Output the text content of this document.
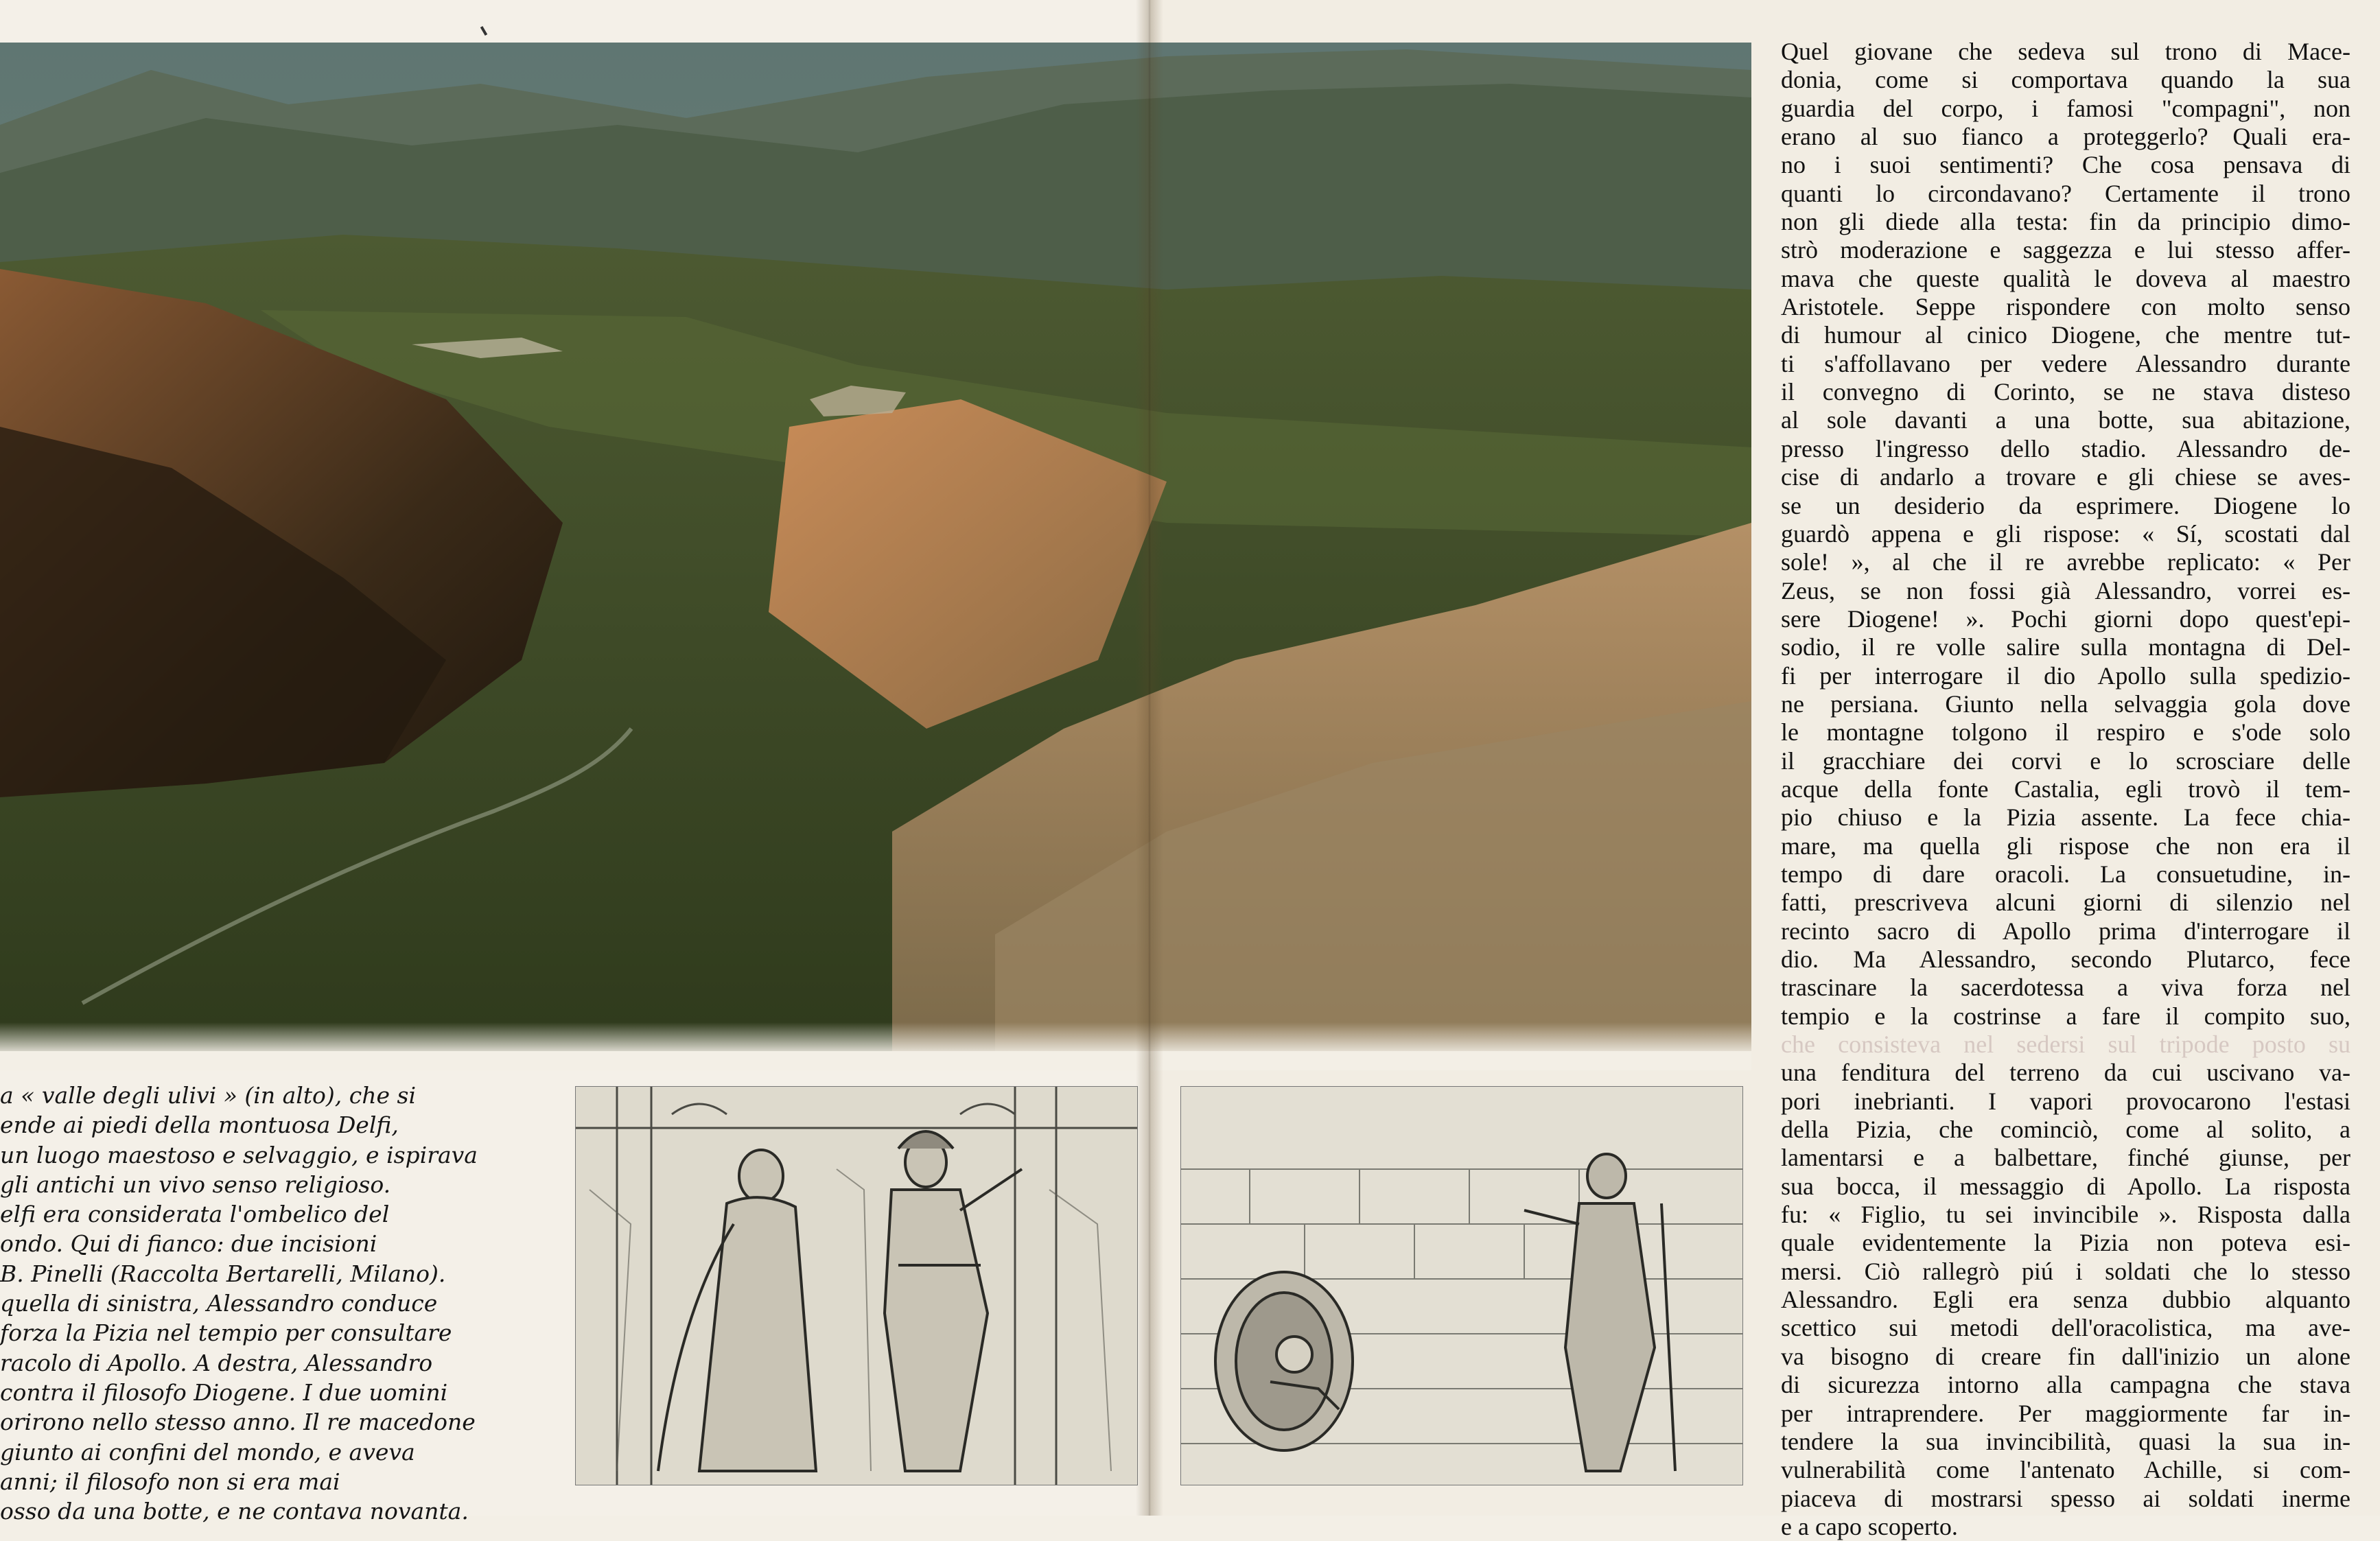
a « valle degli ulivi » (in alto), che si
ende ai piedi della montuosa Delfi,
un luogo maestoso e selvaggio, e ispirava
gli antichi un vivo senso religioso.
elfi era considerata l'ombelico del
ondo. Qui di fianco: due incisioni
B. Pinelli (Raccolta Bertarelli, Milano).
quella di sinistra, Alessandro conduce
forza la Pizia nel tempio per consultare
racolo di Apollo. A destra, Alessandro
contra il filosofo Diogene. I due uomini
orirono nello stesso anno. Il re macedone
giunto ai confini del mondo, e aveva
anni; il filosofo non si era mai
osso da una botte, e ne contava novanta.
Quel giovane che sedeva sul trono di Mace-
donia, come si comportava quando la sua
guardia del corpo, i famosi "compagni", non
erano al suo fianco a proteggerlo? Quali era-
no i suoi sentimenti? Che cosa pensava di
quanti lo circondavano? Certamente il trono
non gli diede alla testa: fin da principio dimo-
strò moderazione e saggezza e lui stesso affer-
mava che queste qualità le doveva al maestro
Aristotele. Seppe rispondere con molto senso
di humour al cinico Diogene, che mentre tut-
ti s'affollavano per vedere Alessandro durante
il convegno di Corinto, se ne stava disteso
al sole davanti a una botte, sua abitazione,
presso l'ingresso dello stadio. Alessandro de-
cise di andarlo a trovare e gli chiese se aves-
se un desiderio da esprimere. Diogene lo
guardò appena e gli rispose: « Sí, scostati dal
sole! », al che il re avrebbe replicato: « Per
Zeus, se non fossi già Alessandro, vorrei es-
sere Diogene! ». Pochi giorni dopo quest'epi-
sodio, il re volle salire sulla montagna di Del-
fi per interrogare il dio Apollo sulla spedizio-
ne persiana. Giunto nella selvaggia gola dove
le montagne tolgono il respiro e s'ode solo
il gracchiare dei corvi e lo scrosciare delle
acque della fonte Castalia, egli trovò il tem-
pio chiuso e la Pizia assente. La fece chia-
mare, ma quella gli rispose che non era il
tempo di dare oracoli. La consuetudine, in-
fatti, prescriveva alcuni giorni di silenzio nel
recinto sacro di Apollo prima d'interrogare il
dio. Ma Alessandro, secondo Plutarco, fece
trascinare la sacerdotessa a viva forza nel
tempio e la costrinse a fare il compito suo,
che consisteva nel sedersi sul tripode posto su
una fenditura del terreno da cui uscivano va-
pori inebrianti. I vapori provocarono l'estasi
della Pizia, che cominciò, come al solito, a
lamentarsi e a balbettare, finché giunse, per
sua bocca, il messaggio di Apollo. La risposta
fu: « Figlio, tu sei invincibile ». Risposta dalla
quale evidentemente la Pizia non poteva esi-
mersi. Ciò rallegrò piú i soldati che lo stesso
Alessandro. Egli era senza dubbio alquanto
scettico sui metodi dell'oracolistica, ma ave-
va bisogno di creare fin dall'inizio un alone
di sicurezza intorno alla campagna che stava
per intraprendere. Per maggiormente far in-
tendere la sua invincibilità, quasi la sua in-
vulnerabilità come l'antenato Achille, si com-
piaceva di mostrarsi spesso ai soldati inerme
e a capo scoperto.
